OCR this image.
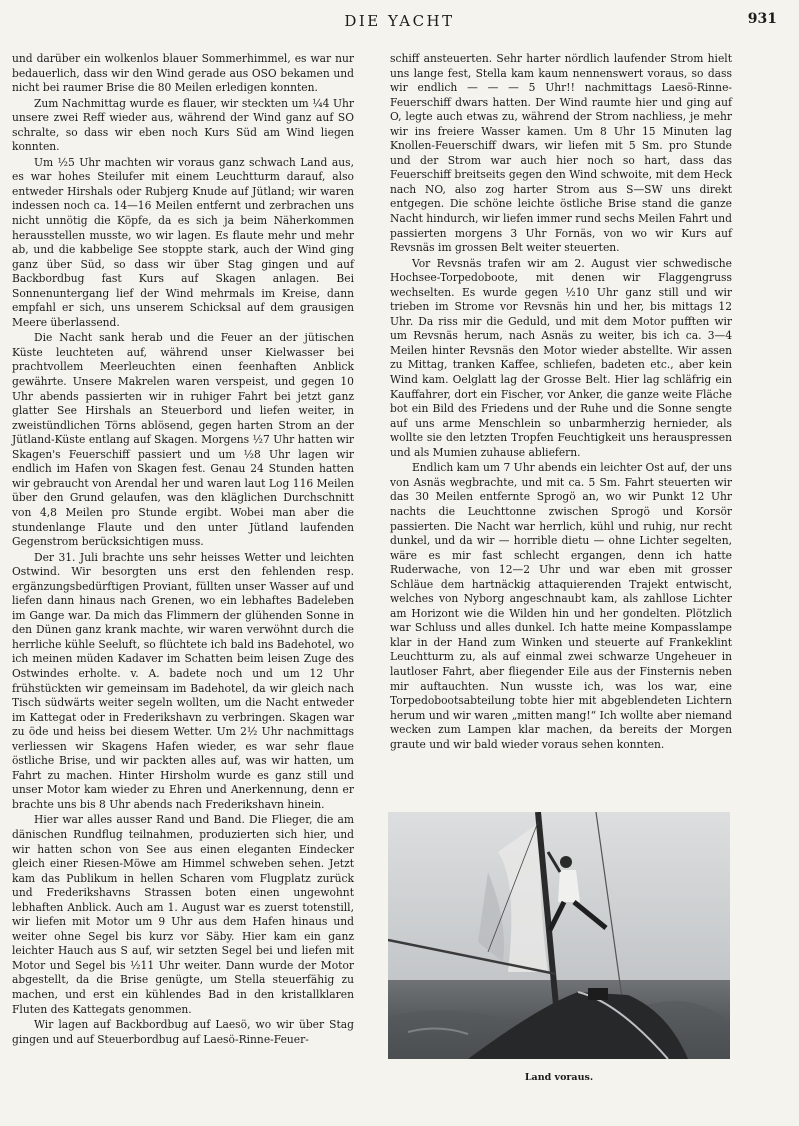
DIE YACHT	931

und darüber ein wolkenlos blauer Sommerhimmel, es war nur bedauerlich, dass wir den Wind gerade aus OSO bekamen und nicht bei raumer Brise die 80 Meilen erledigen konnten.

Zum Nachmittag wurde es flauer, wir steckten um ¼4 Uhr unsere zwei Reff wieder aus, während der Wind ganz auf SO schralte, so dass wir eben noch Kurs Süd am Wind liegen konnten.

Um ½5 Uhr machten wir voraus ganz schwach Land aus, es war hohes Steilufer mit einem Leuchtturm darauf, also entweder Hirshals oder Rubjerg Knude auf Jütland; wir waren indessen noch ca. 14—16 Meilen entfernt und zerbrachen uns nicht unnötig die Köpfe, da es sich ja beim Näherkommen herausstellen musste, wo wir lagen. Es flaute mehr und mehr ab, und die kabbelige See stoppte stark, auch der Wind ging ganz über Süd, so dass wir über Stag gingen und auf Backbordbug fast Kurs auf Skagen anlagen. Bei Sonnenuntergang lief der Wind mehrmals im Kreise, dann empfahl er sich, uns unserem Schicksal auf dem grausigen Meere überlassend.

Die Nacht sank herab und die Feuer an der jütischen Küste leuchteten auf, während unser Kielwasser bei prachtvollem Meerleuchten einen feenhaften Anblick gewährte. Unsere Makrelen waren verspeist, und gegen 10 Uhr abends passierten wir in ruhiger Fahrt bei jetzt ganz glatter See Hirshals an Steuerbord und liefen weiter, in zweistündlichen Törns ablösend, gegen harten Strom an der Jütland-Küste entlang auf Skagen. Morgens ½7 Uhr hatten wir Skagen's Feuerschiff passiert und um ½8 Uhr lagen wir endlich im Hafen von Skagen fest. Genau 24 Stunden hatten wir gebraucht von Arendal her und waren laut Log 116 Meilen über den Grund gelaufen, was den kläglichen Durchschnitt von 4,8 Meilen pro Stunde ergibt. Wobei man aber die stundenlange Flaute und den unter Jütland laufenden Gegenstrom berücksichtigen muss.

Der 31. Juli brachte uns sehr heisses Wetter und leichten Ostwind. Wir besorgten uns erst den fehlenden resp. ergänzungsbedürftigen Proviant, füllten unser Wasser auf und liefen dann hinaus nach Grenen, wo ein lebhaftes Badeleben im Gange war. Da mich das Flimmern der glühenden Sonne in den Dünen ganz krank machte, wir waren verwöhnt durch die herrliche kühle Seeluft, so flüchtete ich bald ins Badehotel, wo ich meinen müden Kadaver im Schatten beim leisen Zuge des Ostwindes erholte. v. A. badete noch und um 12 Uhr frühstückten wir gemeinsam im Badehotel, da wir gleich nach Tisch südwärts weiter segeln wollten, um die Nacht entweder im Kattegat oder in Frederikshavn zu verbringen. Skagen war zu öde und heiss bei diesem Wetter. Um 2½ Uhr nachmittags verliessen wir Skagens Hafen wieder, es war sehr flaue östliche Brise, und wir packten alles auf, was wir hatten, um Fahrt zu machen. Hinter Hirsholm wurde es ganz still und unser Motor kam wieder zu Ehren und Anerkennung, denn er brachte uns bis 8 Uhr abends nach Frederikshavn hinein.

Hier war alles ausser Rand und Band. Die Flieger, die am dänischen Rundflug teilnahmen, produzierten sich hier, und wir hatten schon von See aus einen eleganten Eindecker gleich einer Riesen-Möwe am Himmel schweben sehen. Jetzt kam das Publikum in hellen Scharen vom Flugplatz zurück und Frederikshavns Strassen boten einen ungewohnt lebhaften Anblick. Auch am 1. August war es zuerst totenstill, wir liefen mit Motor um 9 Uhr aus dem Hafen hinaus und weiter ohne Segel bis kurz vor Säby. Hier kam ein ganz leichter Hauch aus S auf, wir setzten Segel bei und liefen mit Motor und Segel bis ½11 Uhr weiter. Dann wurde der Motor abgestellt, da die Brise genügte, um Stella steuerfähig zu machen, und erst ein kühlendes Bad in den kristallklaren Fluten des Kattegats genommen.

Wir lagen auf Backbordbug auf Laesö, wo wir über Stag gingen und auf Steuerbordbug auf Laesö-Rinne-Feuer-

schiff ansteuerten. Sehr harter nördlich laufender Strom hielt uns lange fest, Stella kam kaum nennenswert voraus, so dass wir endlich — — — 5 Uhr!! nachmittags Laesö-Rinne-Feuerschiff dwars hatten. Der Wind raumte hier und ging auf O, legte auch etwas zu, während der Strom nachliess, je mehr wir ins freiere Wasser kamen. Um 8 Uhr 15 Minuten lag Knollen-Feuerschiff dwars, wir liefen mit 5 Sm. pro Stunde und der Strom war auch hier noch so hart, dass das Feuerschiff breitseits gegen den Wind schwoite, mit dem Heck nach NO, also zog harter Strom aus S—SW uns direkt entgegen. Die schöne leichte östliche Brise stand die ganze Nacht hindurch, wir liefen immer rund sechs Meilen Fahrt und passierten morgens 3 Uhr Fornäs, von wo wir Kurs auf Revsnäs im grossen Belt weiter steuerten.

Vor Revsnäs trafen wir am 2. August vier schwedische Hochsee-Torpedoboote, mit denen wir Flaggengruss wechselten. Es wurde gegen ½10 Uhr ganz still und wir trieben im Strome vor Revsnäs hin und her, bis mittags 12 Uhr. Da riss mir die Geduld, und mit dem Motor pufften wir um Revsnäs herum, nach Asnäs zu weiter, bis ich ca. 3—4 Meilen hinter Revsnäs den Motor wieder abstellte. Wir assen zu Mittag, tranken Kaffee, schliefen, badeten etc., aber kein Wind kam. Oelglatt lag der Grosse Belt. Hier lag schläfrig ein Kauffahrer, dort ein Fischer, vor Anker, die ganze weite Fläche bot ein Bild des Friedens und der Ruhe und die Sonne sengte auf uns arme Menschlein so unbarmherzig hernieder, als wollte sie den letzten Tropfen Feuchtigkeit uns herauspressen und als Mumien zuhause abliefern.

Endlich kam um 7 Uhr abends ein leichter Ost auf, der uns von Asnäs wegbrachte, und mit ca. 5 Sm. Fahrt steuerten wir das 30 Meilen entfernte Sprogö an, wo wir Punkt 12 Uhr nachts die Leuchttonne zwischen Sprogö und Korsör passierten. Die Nacht war herrlich, kühl und ruhig, nur recht dunkel, und da wir — horrible dietu — ohne Lichter segelten, wäre es mir fast schlecht ergangen, denn ich hatte Ruderwache, von 12—2 Uhr und war eben mit grosser Schläue dem hartnäckig attaquierenden Trajekt entwischt, welches von Nyborg angeschnaubt kam, als zahllose Lichter am Horizont wie die Wilden hin und her gondelten. Plötzlich war Schluss und alles dunkel. Ich hatte meine Kompasslampe klar in der Hand zum Winken und steuerte auf Frankeklint Leuchtturm zu, als auf einmal zwei schwarze Ungeheuer in lautloser Fahrt, aber fliegender Eile aus der Finsternis neben mir auftauchten. Nun wusste ich, was los war, eine Torpedobootsabteilung tobte hier mit abgeblendeten Lichtern herum und wir waren „mitten mang!“ Ich wollte aber niemand wecken zum Lampen klar machen, da bereits der Morgen graute und wir bald wieder voraus sehen konnten.

Land voraus.
